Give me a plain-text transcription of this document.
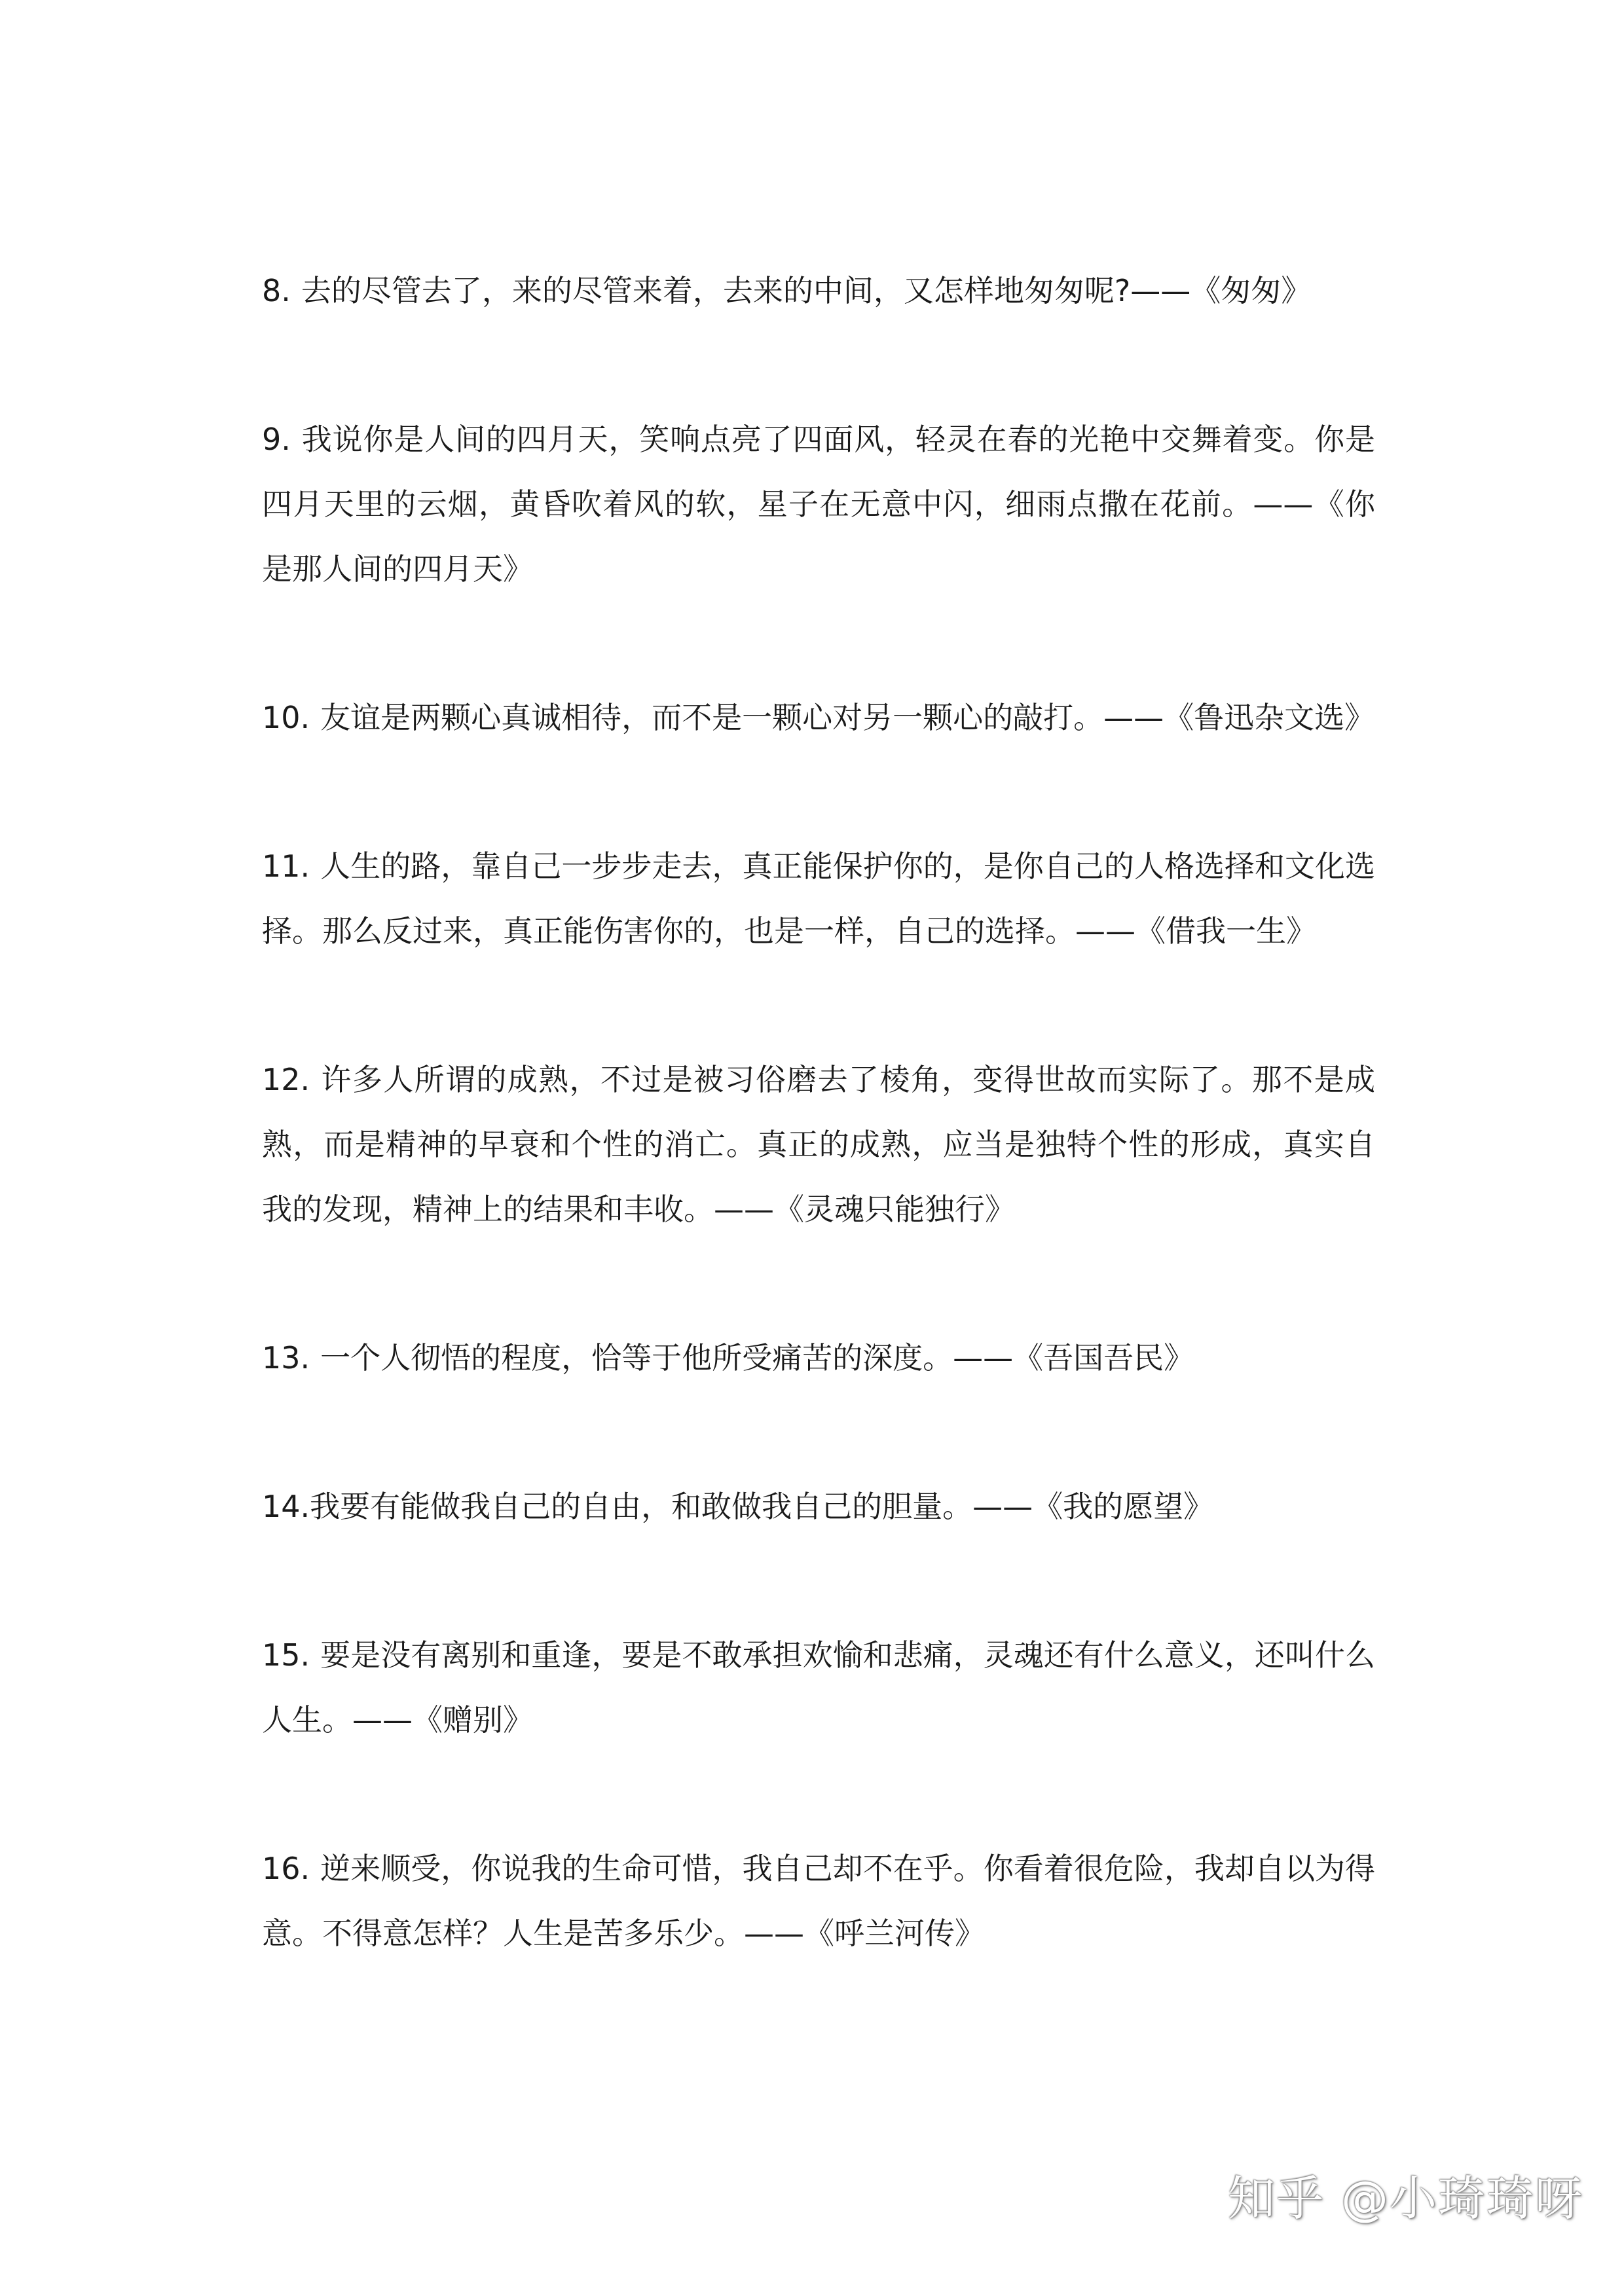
8. 去的尽管去了，来的尽管来着，去来的中间，又怎样地匆匆呢?——《匆匆》
9. 我说你是人间的四月天，笑响点亮了四面风，轻灵在春的光艳中交舞着变。你是四月天里的云烟，黄昏吹着风的软，星子在无意中闪，细雨点撒在花前。——《你是那人间的四月天》
10. 友谊是两颗心真诚相待，而不是一颗心对另一颗心的敲打。——《鲁迅杂文选》
11. 人生的路，靠自己一步步走去，真正能保护你的，是你自己的人格选择和文化选择。那么反过来，真正能伤害你的，也是一样，自己的选择。——《借我一生》
12. 许多人所谓的成熟，不过是被习俗磨去了棱角，变得世故而实际了。那不是成熟，而是精神的早衰和个性的消亡。真正的成熟，应当是独特个性的形成，真实自我的发现，精神上的结果和丰收。——《灵魂只能独行》
13. 一个人彻悟的程度，恰等于他所受痛苦的深度。——《吾国吾民》
14.我要有能做我自己的自由，和敢做我自己的胆量。——《我的愿望》
15. 要是没有离别和重逢，要是不敢承担欢愉和悲痛，灵魂还有什么意义，还叫什么人生。——《赠别》
16. 逆来顺受，你说我的生命可惜，我自己却不在乎。你看着很危险，我却自以为得意。不得意怎样？人生是苦多乐少。——《呼兰河传》
知乎 @小琦琦呀
